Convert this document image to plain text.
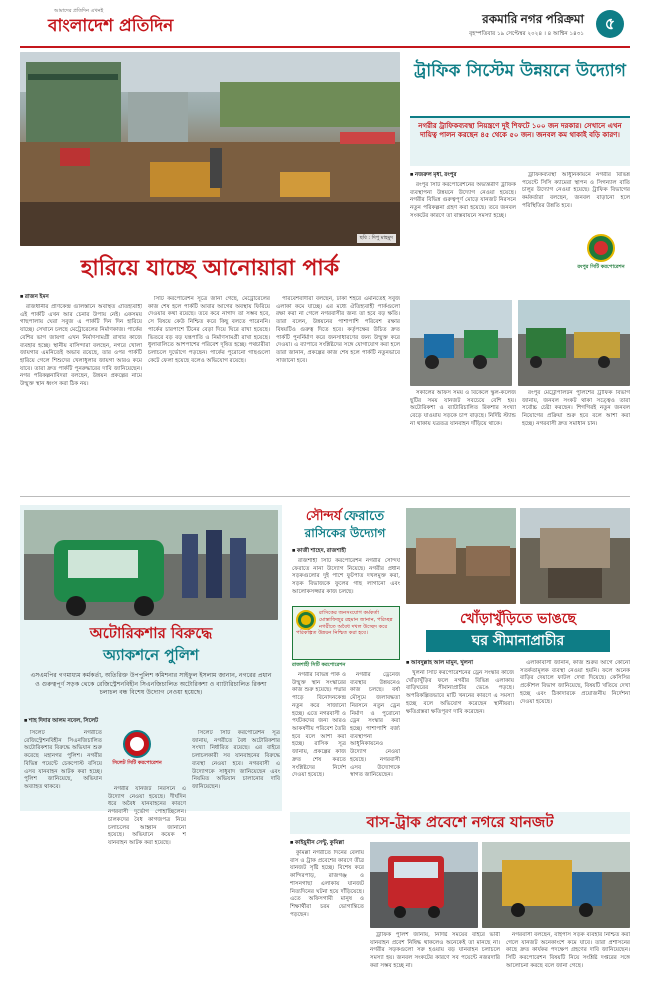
আমাদের প্রতিদিন এখনই
বাংলাদেশ প্রতিদিন	রকমারি নগর পরিক্রমা
বৃহস্পতিবার ১৯ সেপ্টেম্বর ২০২৪ । ৪ আশ্বিন ১৪৩১
৫
ছবি : দিপু মাহমুদ
হারিয়ে যাচ্ছে আনোয়ারা পার্ক
■ রাজন ইমন

রাজধানীর প্রাণকেন্দ্র গুলিস্তানে অবস্থিত ঐতিহ্যবাহী এই পার্কটি এখন আর চেনার উপায় নেই। একসময় গাছপালায় ঘেরা সবুজ এ পার্কটি দিন দিন হারিয়ে যাচ্ছে। সেখানে চলছে মেট্রোরেলের নির্মাণকাজ। পার্কের বেশির ভাগ জায়গা এখন নির্মাণসামগ্রী রাখার কাজে ব্যবহার হচ্ছে। স্থানীয় বাসিন্দারা বলছেন, নগরে খোলা জায়গার এমনিতেই অভাব রয়েছে, তার ওপর পার্কটি হারিয়ে গেলে শিশুদের খেলাধুলার জায়গা আরও কমে যাবে। তারা দ্রুত পার্কটি পুনরুদ্ধারের দাবি জানিয়েছেন। নগর পরিকল্পনাবিদরা বলছেন, উন্নয়ন প্রকল্পের নামে উন্মুক্ত স্থান ধ্বংস করা ঠিক নয়।

সিটি করপোরেশন সূত্রে জানা গেছে, মেট্রোরেলের কাজ শেষ হলে পার্কটি আবার আগের অবস্থায় ফিরিয়ে দেওয়ার কথা রয়েছে। তবে কবে নাগাদ তা সম্ভব হবে, সে বিষয়ে কেউ নিশ্চিত করে কিছু বলতে পারেননি। পার্কের চারপাশে টিনের বেড়া দিয়ে ঘিরে রাখা হয়েছে। ভিতরে বড় বড় যন্ত্রপাতি ও নির্মাণসামগ্রী রাখা হয়েছে। ধুলাবালিতে আশপাশের পরিবেশ দূষিত হচ্ছে। পথচারীরা চলাচলে দুর্ভোগে পড়ছেন। পার্কের পুরোনো গাছগুলো কেটে ফেলা হয়েছে বলেও অভিযোগ রয়েছে।

পরিবেশবাদীরা বলছেন, ঢাকা শহরে এমনিতেই সবুজ এলাকা কমে যাচ্ছে। এর মধ্যে ঐতিহ্যবাহী পার্কগুলো রক্ষা করা না গেলে নগরবাসীর জন্য তা হবে বড় ক্ষতি। তারা বলেন, উন্নয়নের পাশাপাশি পরিবেশ রক্ষার বিষয়টিও গুরুত্ব দিতে হবে। কর্তৃপক্ষের উচিত দ্রুত পার্কটি পুনর্নির্মাণ করে জনসাধারণের জন্য উন্মুক্ত করে দেওয়া। এ ব্যাপারে সংশ্লিষ্টদের সঙ্গে যোগাযোগ করা হলে তারা জানান, প্রকল্পের কাজ শেষ হলে পার্কটি নতুনভাবে সাজানো হবে।

ট্রাফিক সিস্টেম উন্নয়নে উদ্যোগ
নগরীর ট্রাফিকব্যবস্থা নিয়ন্ত্রণে দুই শিফটে ১০০ জন দরকার। সেখানে এখন দায়িত্ব পালন করছেন ৪৫ থেকে ৫০ জন। জনবল কম থাকাই বড়ি কারণ।
■ নজরুল মৃধা, রংপুর

রংপুর সিটি করপোরেশনের অভ্যন্তরীণ ট্রাফিক ব্যবস্থাপনা উন্নয়নে উদ্যোগ নেওয়া হয়েছে। নগরীর বিভিন্ন গুরুত্বপূর্ণ মোড়ে যানজট নিরসনে নতুন পরিকল্পনা গ্রহণ করা হয়েছে। তবে জনবল সংকটের কারণে তা বাস্তবায়নে সমস্যা হচ্ছে।

ট্রাফিকব্যবস্থা আধুনিকায়নে নগরীর বিভিন্ন পয়েন্টে সিসি ক্যামেরা স্থাপন ও সিগন্যাল বাতি চালুর উদ্যোগ নেওয়া হয়েছে। ট্রাফিক বিভাগের কর্মকর্তারা বলছেন, জনবল বাড়ানো হলে পরিস্থিতির উন্নতি হবে।

রংপুর সিটি করপোরেশন

সকালের অফিস সময় ও বিকেলে স্কুল-কলেজ ছুটির সময় যানজট সবচেয়ে বেশি হয়। অটোরিকশা ও ব্যাটারিচালিত রিকশার সংখ্যা বেড়ে যাওয়ায় সড়কে চাপ বাড়ছে। নির্দিষ্ট স্ট্যান্ড না থাকায় যত্রতত্র যানবাহন দাঁড়িয়ে থাকে।

রংপুর মেট্রোপলিটন পুলিশের ট্রাফিক বিভাগ জানায়, জনবল সংকট থাকা সত্ত্বেও তারা সর্বোচ্চ চেষ্টা করছেন। শিগগিরই নতুন জনবল নিয়োগের প্রক্রিয়া শুরু হবে বলে আশা করা হচ্ছে। নগরবাসী দ্রুত সমাধান চান।

অটোরিকশার বিরুদ্ধে
অ্যাকশনে পুলিশ
এসএমপির গণমাধ্যম কর্মকর্তা, অতিরিক্ত উপপুলিশ কমিশনার সাইফুল ইসলাম জানান, নগরের প্রধান ও গুরুত্বপূর্ণ সড়ক থেকে রেজিস্ট্রেশনবিহীন সিএনজিচালিত অটোরিকশা ও ব্যাটারিচালিত রিকশা চলাচল বন্ধ বিশেষ উদ্যোগ নেওয়া হয়েছে।
■ শাহ দিদার আলম নবেল, সিলেট

সিলেট নগরীতে রেজিস্ট্রেশনবিহীন সিএনজিচালিত অটোরিকশার বিরুদ্ধে অভিযান শুরু করেছে মহানগর পুলিশ। নগরীর বিভিন্ন পয়েন্টে চেকপোস্ট বসিয়ে এসব যানবাহন আটক করা হচ্ছে। পুলিশ জানিয়েছে, অভিযান অব্যাহত থাকবে।

সিলেট সিটি করপোরেশন

নগরীর যানজট নিরসনে এ উদ্যোগ নেওয়া হয়েছে। দীর্ঘদিন ধরে অবৈধ যানবাহনের কারণে নগরবাসী দুর্ভোগ পোহাচ্ছিলেন। চালকদের বৈধ কাগজপত্র নিয়ে চলাচলের আহ্বান জানানো হয়েছে। অভিযানে কয়েক শ যানবাহন আটক করা হয়েছে।

সিলেট সিটি করপোরেশন সূত্র জানায়, নগরীতে বৈধ অটোরিকশার সংখ্যা নির্ধারিত রয়েছে। এর বাইরে চলাচলকারী সব যানবাহনের বিরুদ্ধে ব্যবস্থা নেওয়া হবে। নগরবাসী এ উদ্যোগকে সাধুবাদ জানিয়েছেন এবং নিয়মিত অভিযান চালানোর দাবি জানিয়েছেন।

সৌন্দর্য ফেরাতে
রাসিকের উদ্যোগ
■ কাজী শাহেদ, রাজশাহী

রাজশাহী সিটি করপোরেশন নগরীর সৌন্দর্য ফেরাতে নানা উদ্যোগ নিয়েছে। নগরীর প্রধান সড়কগুলোর দুই পাশে ফুটপাত দখলমুক্ত করা, সড়ক বিভাজকে ফুলের গাছ লাগানো এবং আলোকসজ্জার কাজ চলছে।

রাসিকের জনসংযোগ কর্মকর্তা মোস্তাফিজুর রহমান জানান, পরিচ্ছন্ন নগরীতে অবৈধ দখল উচ্ছেদ করে পরিকল্পিত উন্নয়ন নিশ্চিত করা হবে।
রাজশাহী সিটি করপোরেশন

নগরীর বিভিন্ন পার্ক ও উন্মুক্ত স্থান সংস্কারের কাজ শুরু হয়েছে। পদ্মার পাড়ে বিনোদনকেন্দ্র নতুন করে সাজানো হচ্ছে। এতে নগরবাসী ও পর্যটকদের জন্য আরও আকর্ষণীয় পরিবেশ তৈরি হবে বলে আশা করা হচ্ছে। রাসিক সূত্র জানায়, প্রকল্পের কাজ দ্রুত শেষ করতে সংশ্লিষ্টদের নির্দেশ দেওয়া হয়েছে।

নগরীর ড্রেনেজ ব্যবস্থার উন্নয়নেও কাজ চলছে। বর্ষা মৌসুমে জলাবদ্ধতা নিরসনে নতুন ড্রেন নির্মাণ ও পুরোনো ড্রেন সংস্কার করা হচ্ছে। পাশাপাশি বর্জ্য ব্যবস্থাপনা আধুনিকায়নেও উদ্যোগ নেওয়া হয়েছে। নগরবাসী এসব উদ্যোগকে স্বাগত জানিয়েছেন।

খোঁড়াখুঁড়িতে ভাঙছে
ঘর সীমানাপ্রাচীর
■ আবদুল্লাহ আল মামুন, খুলনা

খুলনা সিটি করপোরেশনের ড্রেন সংস্কার কাজে খোঁড়াখুঁড়ির ফলে নগরীর বিভিন্ন এলাকায় বাড়িঘরের সীমানাপ্রাচীর ভেঙে পড়ছে। অপরিকল্পিতভাবে মাটি খননের কারণে এ সমস্যা হচ্ছে বলে অভিযোগ করেছেন স্থানীয়রা। ক্ষতিগ্রস্তরা ক্ষতিপূরণ দাবি করেছেন।

এলাকাবাসী জানান, কাজ শুরুর আগে কোনো সতর্কতামূলক ব্যবস্থা নেওয়া হয়নি। ফলে অনেক বাড়ির দেয়ালে ফাটল দেখা দিয়েছে। কেসিসির প্রকৌশল বিভাগ জানিয়েছে, বিষয়টি খতিয়ে দেখা হচ্ছে এবং ঠিকাদারকে প্রয়োজনীয় নির্দেশনা দেওয়া হয়েছে।

বাস-ট্রাক প্রবেশে নগরে যানজট
■ কাইয়ুমীন সেন্টু, কুমিল্লা

কুমিল্লা নগরীতে দিনের বেলায় বাস ও ট্রাক প্রবেশের কারণে তীব্র যানজট সৃষ্টি হচ্ছে। বিশেষ করে কান্দিরপাড়, রাজগঞ্জ ও শাসনগাছা এলাকায় যানজট নিত্যদিনের ঘটনা হয়ে দাঁড়িয়েছে। এতে অফিসগামী মানুষ ও শিক্ষার্থীরা চরম ভোগান্তিতে পড়ছেন।

ট্রাফিক পুলিশ জানায়, নির্দিষ্ট সময়ের বাইরে ভারী যানবাহন প্রবেশ নিষিদ্ধ থাকলেও অনেকেই তা মানছে না। নগরীর সড়কগুলো সরু হওয়ায় বড় যানবাহন চলাচলে সমস্যা হয়। জনবল সংকটের কারণে সব পয়েন্টে নজরদারি করা সম্ভব হচ্ছে না।

নগরবাসী বলছেন, বাইপাস সড়ক ব্যবহার নিশ্চিত করা গেলে যানজট অনেকাংশে কমে যাবে। তারা প্রশাসনের কাছে দ্রুত কার্যকর পদক্ষেপ গ্রহণের দাবি জানিয়েছেন। সিটি করপোরেশন বিষয়টি নিয়ে সংশ্লিষ্ট দপ্তরের সঙ্গে আলোচনা করছে বলে জানা গেছে।
